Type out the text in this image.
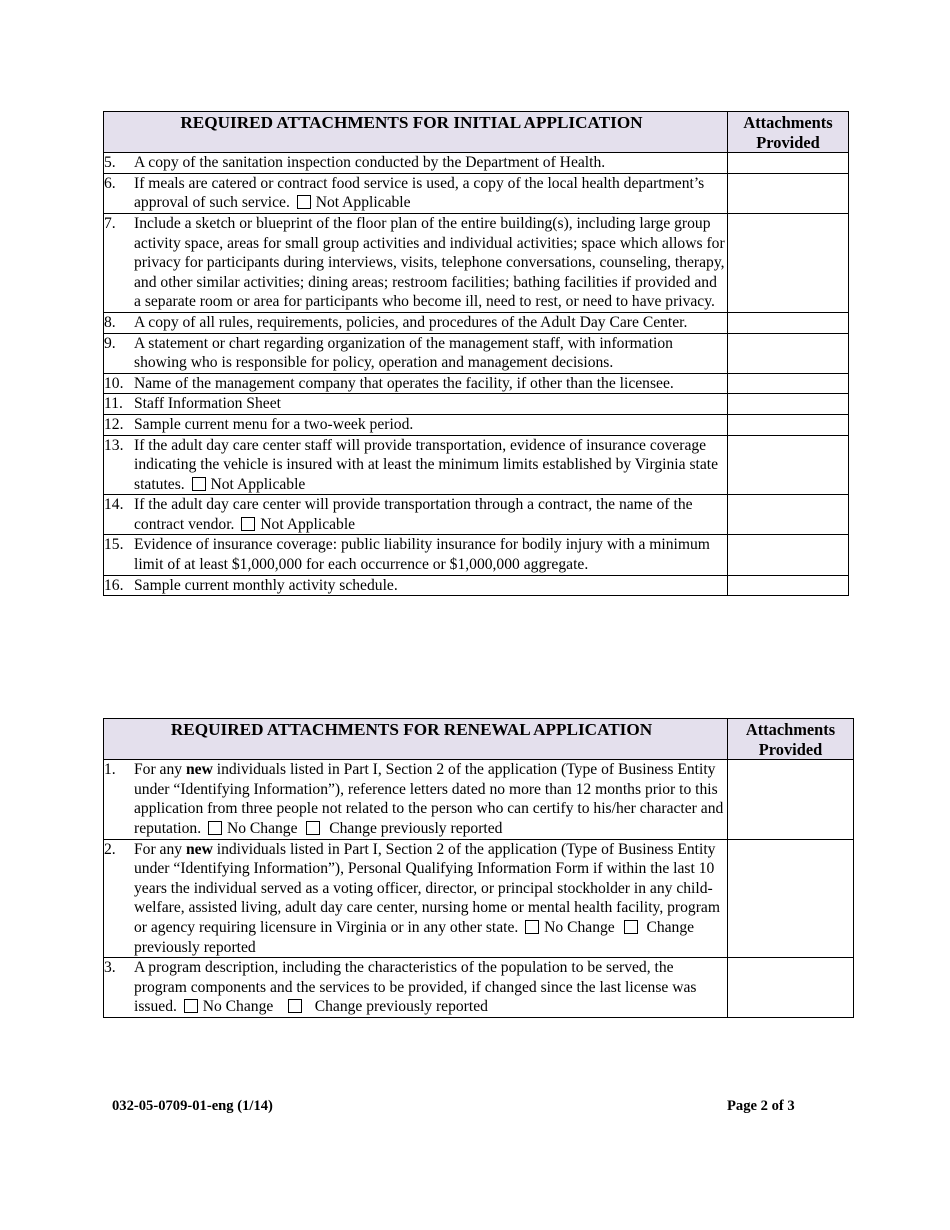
REQUIRED ATTACHMENTS FOR INITIAL APPLICATION	Attachments Provided

5. A copy of the sanitation inspection conducted by the Department of Health.	

6. If meals are catered or contract food service is used, a copy of the local health department’s approval of such service. Not Applicable	

7. Include a sketch or blueprint of the floor plan of the entire building(s), including large group activity space, areas for small group activities and individual activities; space which allows for privacy for participants during interviews, visits, telephone conversations, counseling, therapy, and other similar activities; dining areas; restroom facilities; bathing facilities if provided and a separate room or area for participants who become ill, need to rest, or need to have privacy.	

8. A copy of all rules, requirements, policies, and procedures of the Adult Day Care Center.	

9. A statement or chart regarding organization of the management staff, with information showing who is responsible for policy, operation and management decisions.	

10. Name of the management company that operates the facility, if other than the licensee.	

11. Staff Information Sheet	

12. Sample current menu for a two-week period.	

13. If the adult day care center staff will provide transportation, evidence of insurance coverage indicating the vehicle is insured with at least the minimum limits established by Virginia state statutes. Not Applicable	

14. If the adult day care center will provide transportation through a contract, the name of the contract vendor. Not Applicable	

15. Evidence of insurance coverage: public liability insurance for bodily injury with a minimum limit of at least $1,000,000 for each occurrence or $1,000,000 aggregate.	

16. Sample current monthly activity schedule.	

REQUIRED ATTACHMENTS FOR RENEWAL APPLICATION	Attachments Provided

1. For any new individuals listed in Part I, Section 2 of the application (Type of Business Entity under “Identifying Information”), reference letters dated no more than 12 months prior to this application from three people not related to the person who can certify to his/her character and reputation. No Change Change previously reported	

2. For any new individuals listed in Part I, Section 2 of the application (Type of Business Entity under “Identifying Information”), Personal Qualifying Information Form if within the last 10 years the individual served as a voting officer, director, or principal stockholder in any child-welfare, assisted living, adult day care center, nursing home or mental health facility, program or agency requiring licensure in Virginia or in any other state. No Change Change previously reported	

3. A program description, including the characteristics of the population to be served, the program components and the services to be provided, if changed since the last license was issued. No Change Change previously reported	

032-05-0709-01-eng (1/14)	Page 2 of 3
